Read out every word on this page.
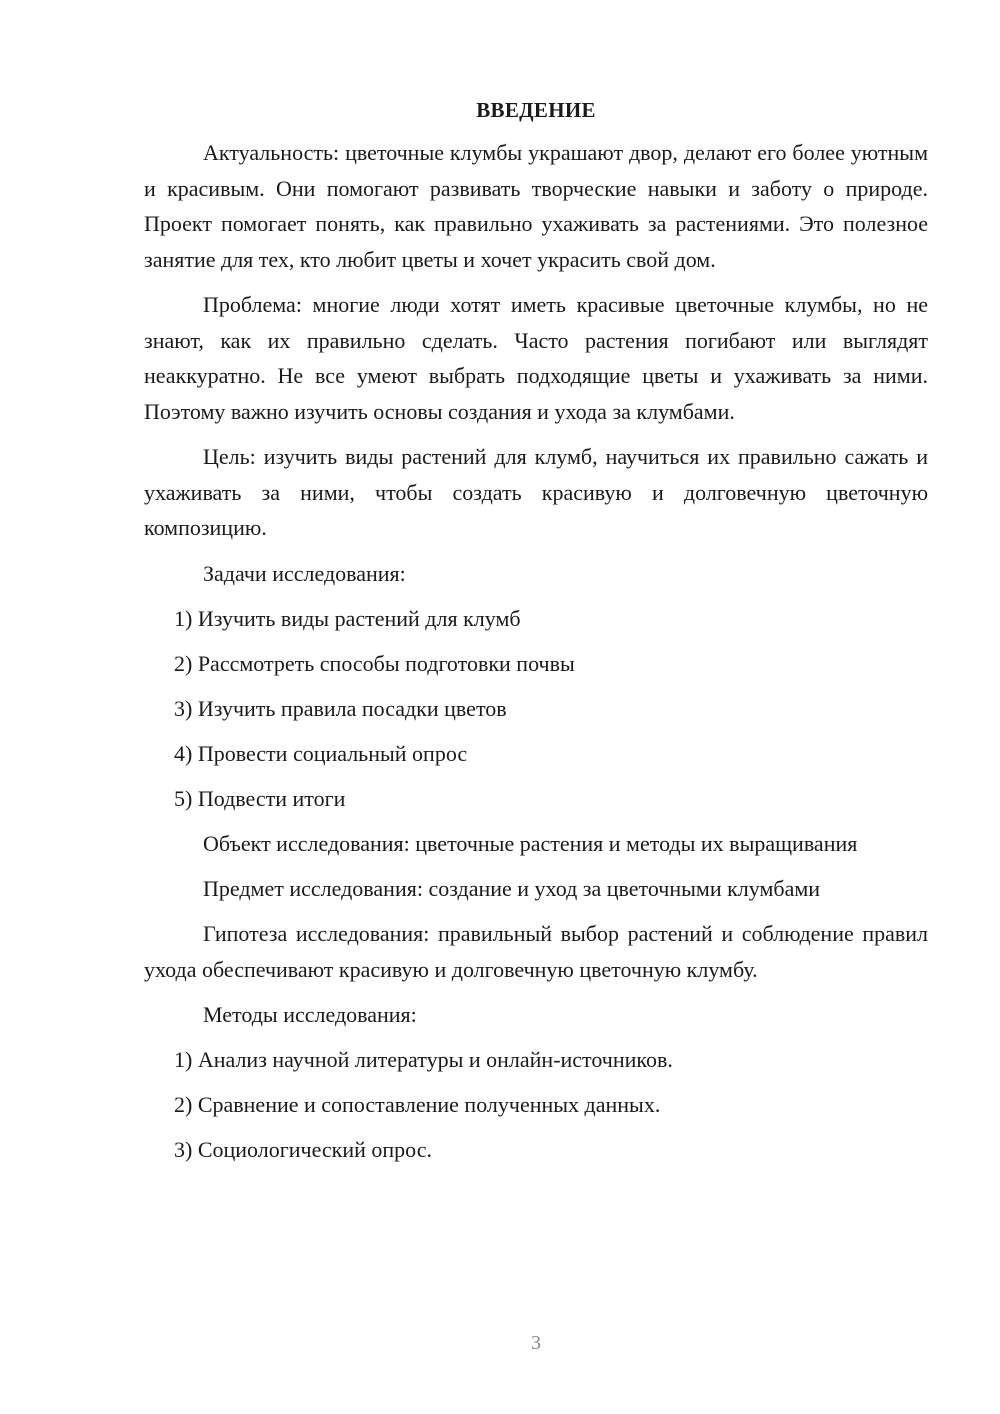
ВВЕДЕНИЕ

Актуальность: цветочные клумбы украшают двор, делают его более уютным и красивым. Они помогают развивать творческие навыки и заботу о природе. Проект помогает понять, как правильно ухаживать за растениями. Это полезное занятие для тех, кто любит цветы и хочет украсить свой дом.

Проблема: многие люди хотят иметь красивые цветочные клумбы, но не знают, как их правильно сделать. Часто растения погибают или выглядят неаккуратно. Не все умеют выбрать подходящие цветы и ухаживать за ними. Поэтому важно изучить основы создания и ухода за клумбами.

Цель: изучить виды растений для клумб, научиться их правильно сажать и ухаживать за ними, чтобы создать красивую и долговечную цветочную композицию.

Задачи исследования:
1) Изучить виды растений для клумб
2) Рассмотреть способы подготовки почвы
3) Изучить правила посадки цветов
4) Провести социальный опрос
5) Подвести итоги

Объект исследования: цветочные растения и методы их выращивания

Предмет исследования: создание и уход за цветочными клумбами

Гипотеза исследования: правильный выбор растений и соблюдение правил ухода обеспечивают красивую и долговечную цветочную клумбу.

Методы исследования:
1) Анализ научной литературы и онлайн-источников.
2) Сравнение и сопоставление полученных данных.
3) Социологический опрос.
3
